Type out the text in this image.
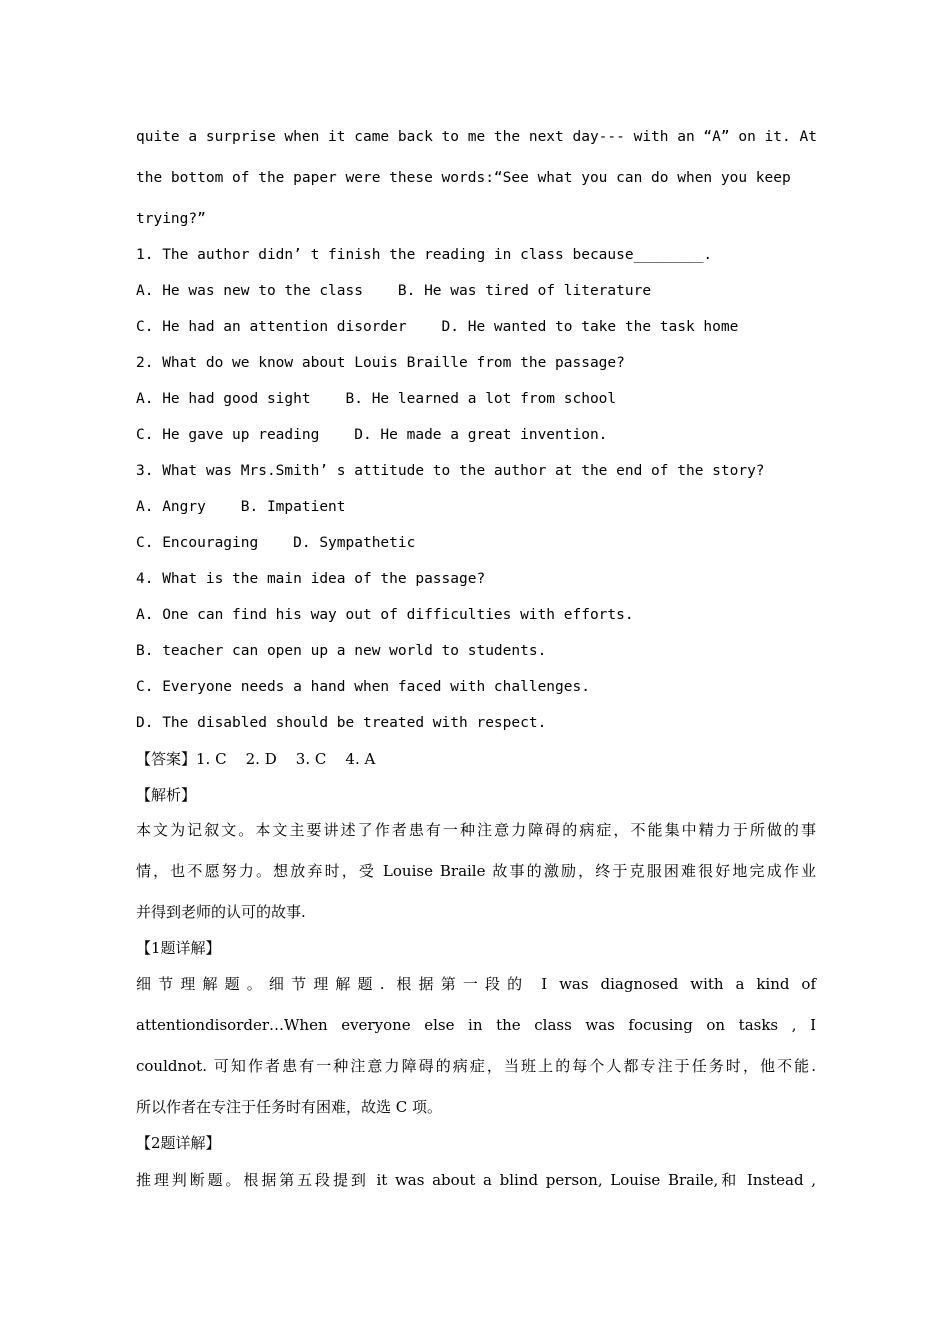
quite a surprise when it came back to me the next day--- with an “A” on it. At
the bottom of the paper were these words:“See what you can do when you keep
trying?”
1. The author didn’ t finish the reading in class because________.
A. He was new to the class    B. He was tired of literature
C. He had an attention disorder    D. He wanted to take the task home
2. What do we know about Louis Braille from the passage?
A. He had good sight    B. He learned a lot from school
C. He gave up reading    D. He made a great invention.
3. What was Mrs.Smith’ s attitude to the author at the end of the story?
A. Angry    B. Impatient
C. Encouraging    D. Sympathetic
4. What is the main idea of the passage?
A. One can find his way out of difficulties with efforts.
B. teacher can open up a new world to students.
C. Everyone needs a hand when faced with challenges.
D. The disabled should be treated with respect.
【答案】1. C    2. D    3. C    4. A
【解析】
本文为记叙文。本文主要讲述了作者患有一种注意力障碍的病症，不能集中精力于所做的事
情，也不愿努力。想放弃时，受 Louise Braile 故事的激励，终于克服困难很好地完成作业
并得到老师的认可的故事.
【1题详解】
细节理解题。细节理解题. 根据第一段的 I was diagnosed with a kind of
attentiondisorder…When everyone else in the class was focusing on tasks , I
couldnot. 可知作者患有一种注意力障碍的病症，当班上的每个人都专注于任务时，他不能.
所以作者在专注于任务时有困难，故选 C 项。
【2题详解】
推理判断题。根据第五段提到 it was about a blind person, Louise Braile,和 Instead ,
